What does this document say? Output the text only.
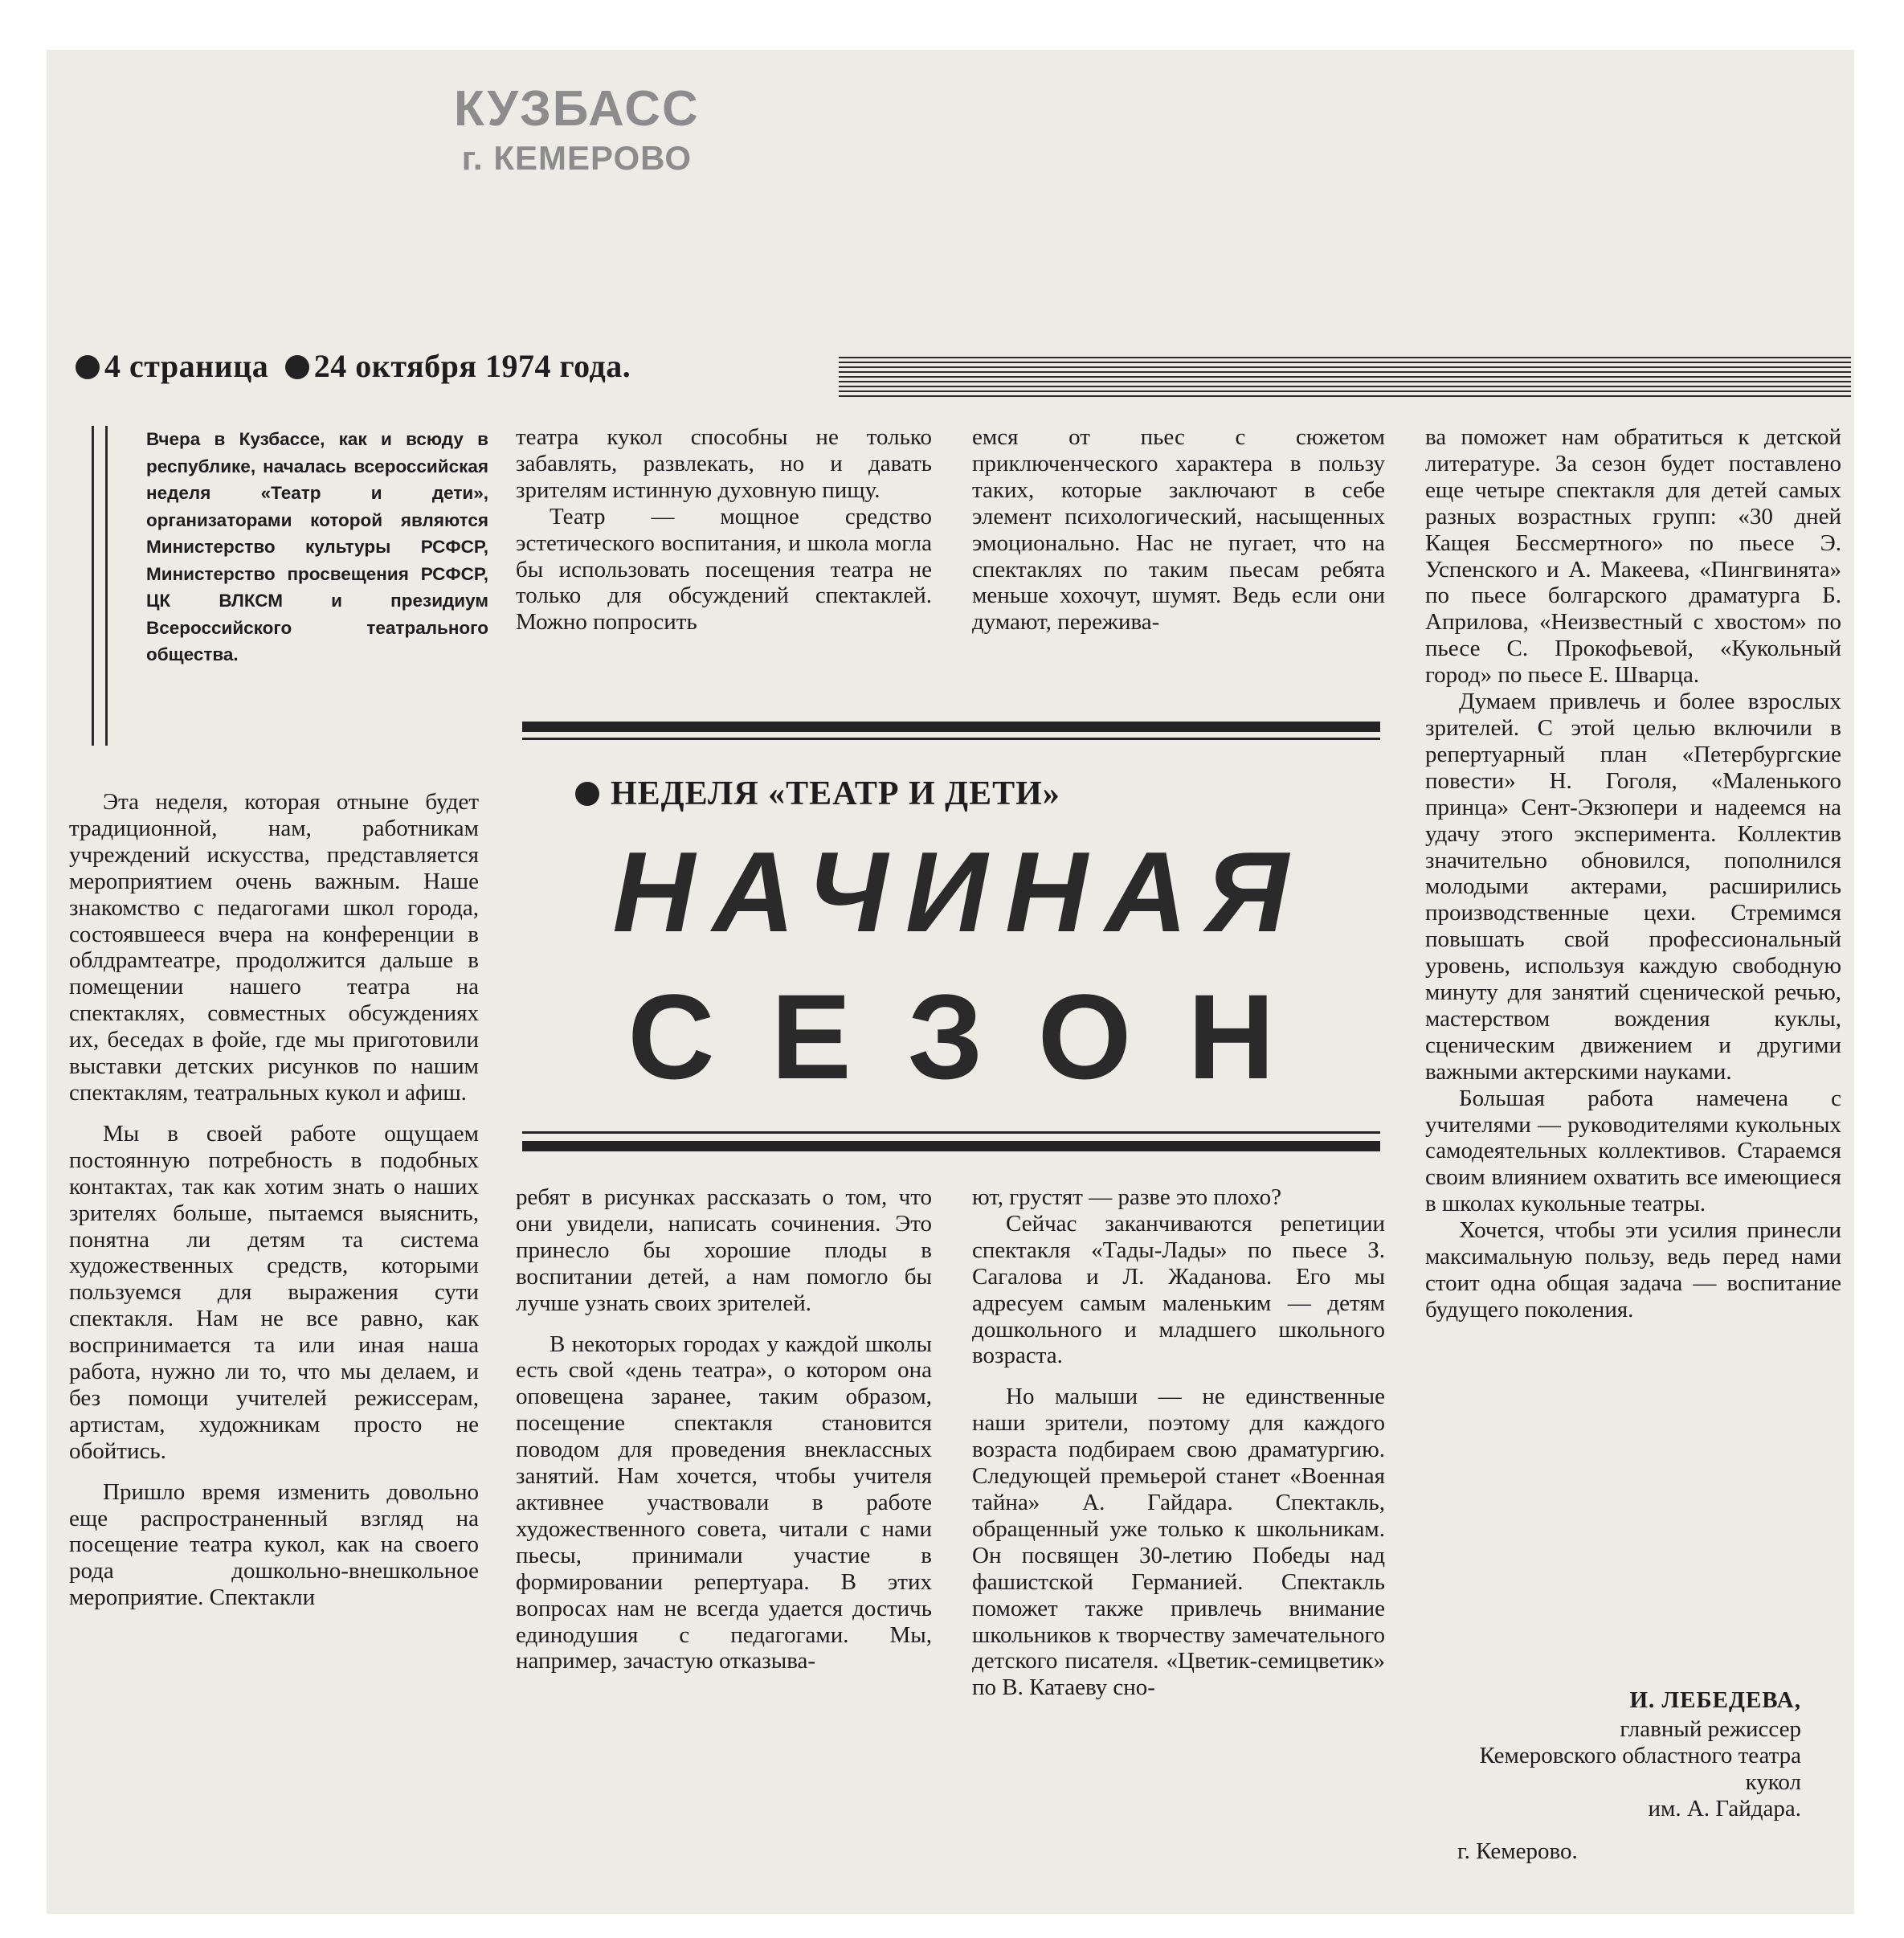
КУЗБАСС
г. КЕМЕРОВО
4 страница 24 октября 1974 года.

Вчера в Кузбассе, как и всюду в республике, началась всероссийская неделя «Театр и дети», организаторами которой являются Министерство культуры РСФСР, Министерство просвещения РСФСР, ЦК ВЛКСМ и президиум Всероссийского театрального общества.

Эта неделя, которая отныне будет традиционной, нам, работникам учреждений искусства, представляется мероприятием очень важным. Наше знакомство с педагогами школ города, состоявшееся вчера на конференции в облдрамтеатре, продолжится дальше в помещении нашего театра на спектаклях, совместных обсуждениях их, беседах в фойе, где мы приготовили выставки детских рисунков по нашим спектаклям, театральных кукол и афиш.

Мы в своей работе ощущаем постоянную потребность в подобных контактах, так как хотим знать о наших зрителях больше, пытаемся выяснить, понятна ли детям та система художественных средств, которыми пользуемся для выражения сути спектакля. Нам не все равно, как воспринимается та или иная наша работа, нужно ли то, что мы делаем, и без помощи учителей режиссерам, артистам, художникам просто не обойтись.

Пришло время изменить довольно еще распространенный взгляд на посещение театра кукол, как на своего рода дошкольно-внешкольное мероприятие. Спектакли

театра кукол способны не только забавлять, развлекать, но и давать зрителям истинную духовную пищу.

Театр — мощное средство эстетического воспитания, и школа могла бы использовать посещения театра не только для обсуждений спектаклей. Можно попросить

емся от пьес с сюжетом приключенческого характера в пользу таких, которые заключают в себе элемент психологический, насыщенных эмоционально. Нас не пугает, что на спектаклях по таким пьесам ребята меньше хохочут, шумят. Ведь если они думают, пережива-

НЕДЕЛЯ «ТЕАТР И ДЕТИ»
НАЧИНАЯ
СЕЗОН

ребят в рисунках рассказать о том, что они увидели, написать сочинения. Это принесло бы хорошие плоды в воспитании детей, а нам помогло бы лучше узнать своих зрителей.

В некоторых городах у каждой школы есть свой «день театра», о котором она оповещена заранее, таким образом, посещение спектакля становится поводом для проведения внеклассных занятий. Нам хочется, чтобы учителя активнее участвовали в работе художественного совета, читали с нами пьесы, принимали участие в формировании репертуара. В этих вопросах нам не всегда удается достичь единодушия с педагогами. Мы, например, зачастую отказыва-

ют, грустят — разве это плохо?

Сейчас заканчиваются репетиции спектакля «Тады-Лады» по пьесе З. Сагалова и Л. Жаданова. Его мы адресуем самым маленьким — детям дошкольного и младшего школьного возраста.

Но малыши — не единственные наши зрители, поэтому для каждого возраста подбираем свою драматургию. Следующей премьерой станет «Военная тайна» А. Гайдара. Спектакль, обращенный уже только к школьникам. Он посвящен 30-летию Победы над фашистской Германией. Спектакль поможет также привлечь внимание школьников к творчеству замечательного детского писателя. «Цветик-семицветик» по В. Катаеву сно-

ва поможет нам обратиться к детской литературе. За сезон будет поставлено еще четыре спектакля для детей самых разных возрастных групп: «30 дней Кащея Бессмертного» по пьесе Э. Успенского и А. Макеева, «Пингвинята» по пьесе болгарского драматурга Б. Априлова, «Неизвестный с хвостом» по пьесе С. Прокофьевой, «Кукольный город» по пьесе Е. Шварца.

Думаем привлечь и более взрослых зрителей. С этой целью включили в репертуарный план «Петербургские повести» Н. Гоголя, «Маленького принца» Сент-Экзюпери и надеемся на удачу этого эксперимента. Коллектив значительно обновился, пополнился молодыми актерами, расширились производственные цехи. Стремимся повышать свой профессиональный уровень, используя каждую свободную минуту для занятий сценической речью, мастерством вождения куклы, сценическим движением и другими важными актерскими науками.

Большая работа намечена с учителями — руководителями кукольных самодеятельных коллективов. Стараемся своим влиянием охватить все имеющиеся в школах кукольные театры.

Хочется, чтобы эти усилия принесли максимальную пользу, ведь перед нами стоит одна общая задача — воспитание будущего поколения.

И. ЛЕБЕДЕВА,
главный режиссер
Кемеровского областного театра кукол
им. А. Гайдара.
г. Кемерово.
